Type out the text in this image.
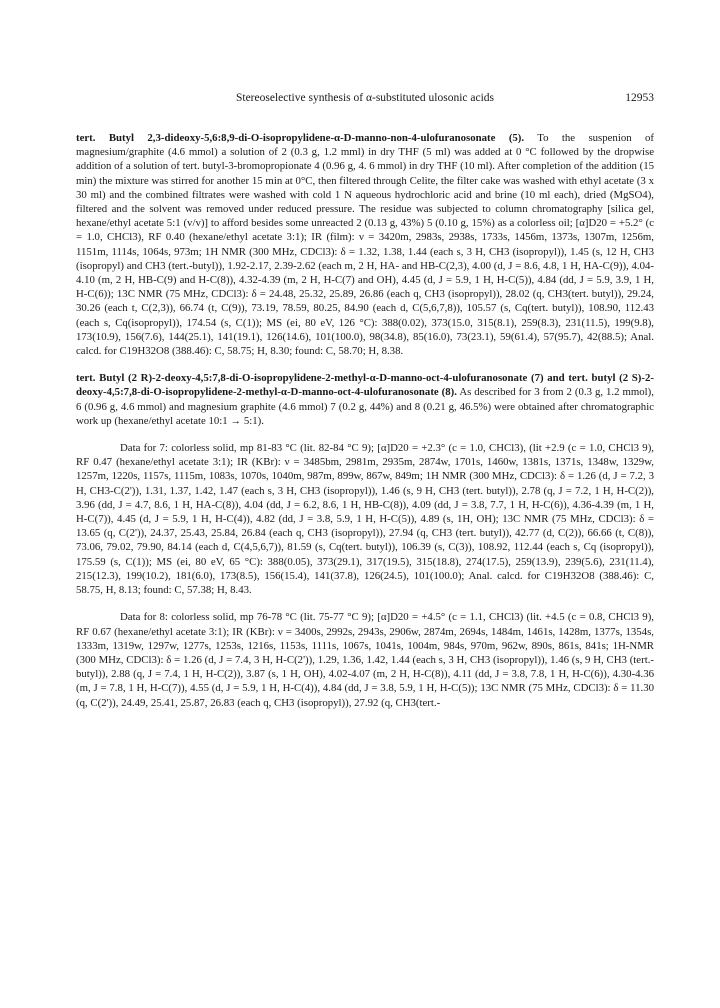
Stereoselective synthesis of α-substituted ulosonic acids	12953

tert. Butyl 2,3-dideoxy-5,6:8,9-di-O-isopropylidene-α-D-manno-non-4-ulofuranosonate (5). To the suspenion of magnesium/graphite (4.6 mmol) a solution of 2 (0.3 g, 1.2 mml) in dry THF (5 ml) was added at 0 °C followed by the dropwise addition of a solution of tert. butyl-3-bromopropionate 4 (0.96 g, 4. 6 mmol) in dry THF (10 ml). After completion of the addition (15 min) the mixture was stirred for another 15 min at 0°C, then filtered through Celite, the filter cake was washed with ethyl acetate (3 x 30 ml) and the combined filtrates were washed with cold 1 N aqueous hydrochloric acid and brine (10 ml each), dried (MgSO4), filtered and the solvent was removed under reduced pressure. The residue was subjected to column chromatography [silica gel, hexane/ethyl acetate 5:1 (v/v)] to afford besides some unreacted 2 (0.13 g, 43%) 5 (0.10 g, 15%) as a colorless oil; [α]D20 = +5.2° (c = 1.0, CHCl3), RF 0.40 (hexane/ethyl acetate 3:1); IR (film): ν = 3420m, 2983s, 2938s, 1733s, 1456m, 1373s, 1307m, 1256m, 1151m, 1114s, 1064s, 973m; 1H NMR (300 MHz, CDCl3): δ = 1.32, 1.38, 1.44 (each s, 3 H, CH3 (isopropyl)), 1.45 (s, 12 H, CH3 (isopropyl) and CH3 (tert.-butyl)), 1.92-2.17, 2.39-2.62 (each m, 2 H, HA- and HB-C(2,3), 4.00 (d, J = 8.6, 4.8, 1 H, HA-C(9)), 4.04-4.10 (m, 2 H, HB-C(9) and H-C(8)), 4.32-4.39 (m, 2 H, H-C(7) and OH), 4.45 (d, J = 5.9, 1 H, H-C(5)), 4.84 (dd, J = 5.9, 3.9, 1 H, H-C(6)); 13C NMR (75 MHz, CDCl3): δ = 24.48, 25.32, 25.89, 26.86 (each q, CH3 (isopropyl)), 28.02 (q, CH3(tert. butyl)), 29.24, 30.26 (each t, C(2,3)), 66.74 (t, C(9)), 73.19, 78.59, 80.25, 84.90 (each d, C(5,6,7,8)), 105.57 (s, Cq(tert. butyl)), 108.90, 112.43 (each s, Cq(isopropyl)), 174.54 (s, C(1)); MS (ei, 80 eV, 126 °C): 388(0.02), 373(15.0, 315(8.1), 259(8.3), 231(11.5), 199(9.8), 173(10.9), 156(7.6), 144(25.1), 141(19.1), 126(14.6), 101(100.0), 98(34.8), 85(16.0), 73(23.1), 59(61.4), 57(95.7), 42(88.5); Anal. calcd. for C19H32O8 (388.46): C, 58.75; H, 8.30; found: C, 58.70; H, 8.38.

tert. Butyl (2 R)-2-deoxy-4,5:7,8-di-O-isopropylidene-2-methyl-α-D-manno-oct-4-ulofuranosonate (7) and tert. butyl (2 S)-2-deoxy-4,5:7,8-di-O-isopropylidene-2-methyl-α-D-manno-oct-4-ulofuranosonate (8). As described for 3 from 2 (0.3 g, 1.2 mmol), 6 (0.96 g, 4.6 mmol) and magnesium graphite (4.6 mmol) 7 (0.2 g, 44%) and 8 (0.21 g, 46.5%) were obtained after chromatographic work up (hexane/ethyl acetate 10:1 → 5:1).

Data for 7: colorless solid, mp 81-83 °C (lit. 82-84 °C 9); [α]D20 = +2.3° (c = 1.0, CHCl3), (lit +2.9 (c = 1.0, CHCl3 9), RF 0.47 (hexane/ethyl acetate 3:1); IR (KBr): ν = 3485bm, 2981m, 2935m, 2874w, 1701s, 1460w, 1381s, 1371s, 1348w, 1329w, 1257m, 1220s, 1157s, 1115m, 1083s, 1070s, 1040m, 987m, 899w, 867w, 849m; 1H NMR (300 MHz, CDCl3): δ = 1.26 (d, J = 7.2, 3 H, CH3-C(2')), 1.31, 1.37, 1.42, 1.47 (each s, 3 H, CH3 (isopropyl)), 1.46 (s, 9 H, CH3 (tert. butyl)), 2.78 (q, J = 7.2, 1 H, H-C(2)), 3.96 (dd, J = 4.7, 8.6, 1 H, HA-C(8)), 4.04 (dd, J = 6.2, 8.6, 1 H, HB-C(8)), 4.09 (dd, J = 3.8, 7.7, 1 H, H-C(6)), 4.36-4.39 (m, 1 H, H-C(7)), 4.45 (d, J = 5.9, 1 H, H-C(4)), 4.82 (dd, J = 3.8, 5.9, 1 H, H-C(5)), 4.89 (s, 1H, OH); 13C NMR (75 MHz, CDCl3): δ = 13.65 (q, C(2')), 24.37, 25.43, 25.84, 26.84 (each q, CH3 (isopropyl)), 27.94 (q, CH3 (tert. butyl)), 42.77 (d, C(2)), 66.66 (t, C(8)), 73.06, 79.02, 79.90, 84.14 (each d, C(4,5,6,7)), 81.59 (s, Cq(tert. butyl)), 106.39 (s, C(3)), 108.92, 112.44 (each s, Cq (isopropyl)), 175.59 (s, C(1)); MS (ei, 80 eV, 65 °C): 388(0.05), 373(29.1), 317(19.5), 315(18.8), 274(17.5), 259(13.9), 239(5.6), 231(11.4), 215(12.3), 199(10.2), 181(6.0), 173(8.5), 156(15.4), 141(37.8), 126(24.5), 101(100.0); Anal. calcd. for C19H32O8 (388.46): C, 58.75, H, 8.13; found: C, 57.38; H, 8.43.

Data for 8: colorless solid, mp 76-78 °C (lit. 75-77 °C 9); [α]D20 = +4.5° (c = 1.1, CHCl3) (lit. +4.5 (c = 0.8, CHCl3 9), RF 0.67 (hexane/ethyl acetate 3:1); IR (KBr): ν = 3400s, 2992s, 2943s, 2906w, 2874m, 2694s, 1484m, 1461s, 1428m, 1377s, 1354s, 1333m, 1319w, 1297w, 1277s, 1253s, 1216s, 1153s, 1111s, 1067s, 1041s, 1004m, 984s, 970m, 962w, 890s, 861s, 841s; 1H-NMR (300 MHz, CDCl3): δ = 1.26 (d, J = 7.4, 3 H, H-C(2')), 1.29, 1.36, 1.42, 1.44 (each s, 3 H, CH3 (isopropyl)), 1.46 (s, 9 H, CH3 (tert.-butyl)), 2.88 (q, J = 7.4, 1 H, H-C(2)), 3.87 (s, 1 H, OH), 4.02-4.07 (m, 2 H, H-C(8)), 4.11 (dd, J = 3.8, 7.8, 1 H, H-C(6)), 4.30-4.36 (m, J = 7.8, 1 H, H-C(7)), 4.55 (d, J = 5.9, 1 H, H-C(4)), 4.84 (dd, J = 3.8, 5.9, 1 H, H-C(5)); 13C NMR (75 MHz, CDCl3): δ = 11.30 (q, C(2')), 24.49, 25.41, 25.87, 26.83 (each q, CH3 (isopropyl)), 27.92 (q, CH3(tert.-
